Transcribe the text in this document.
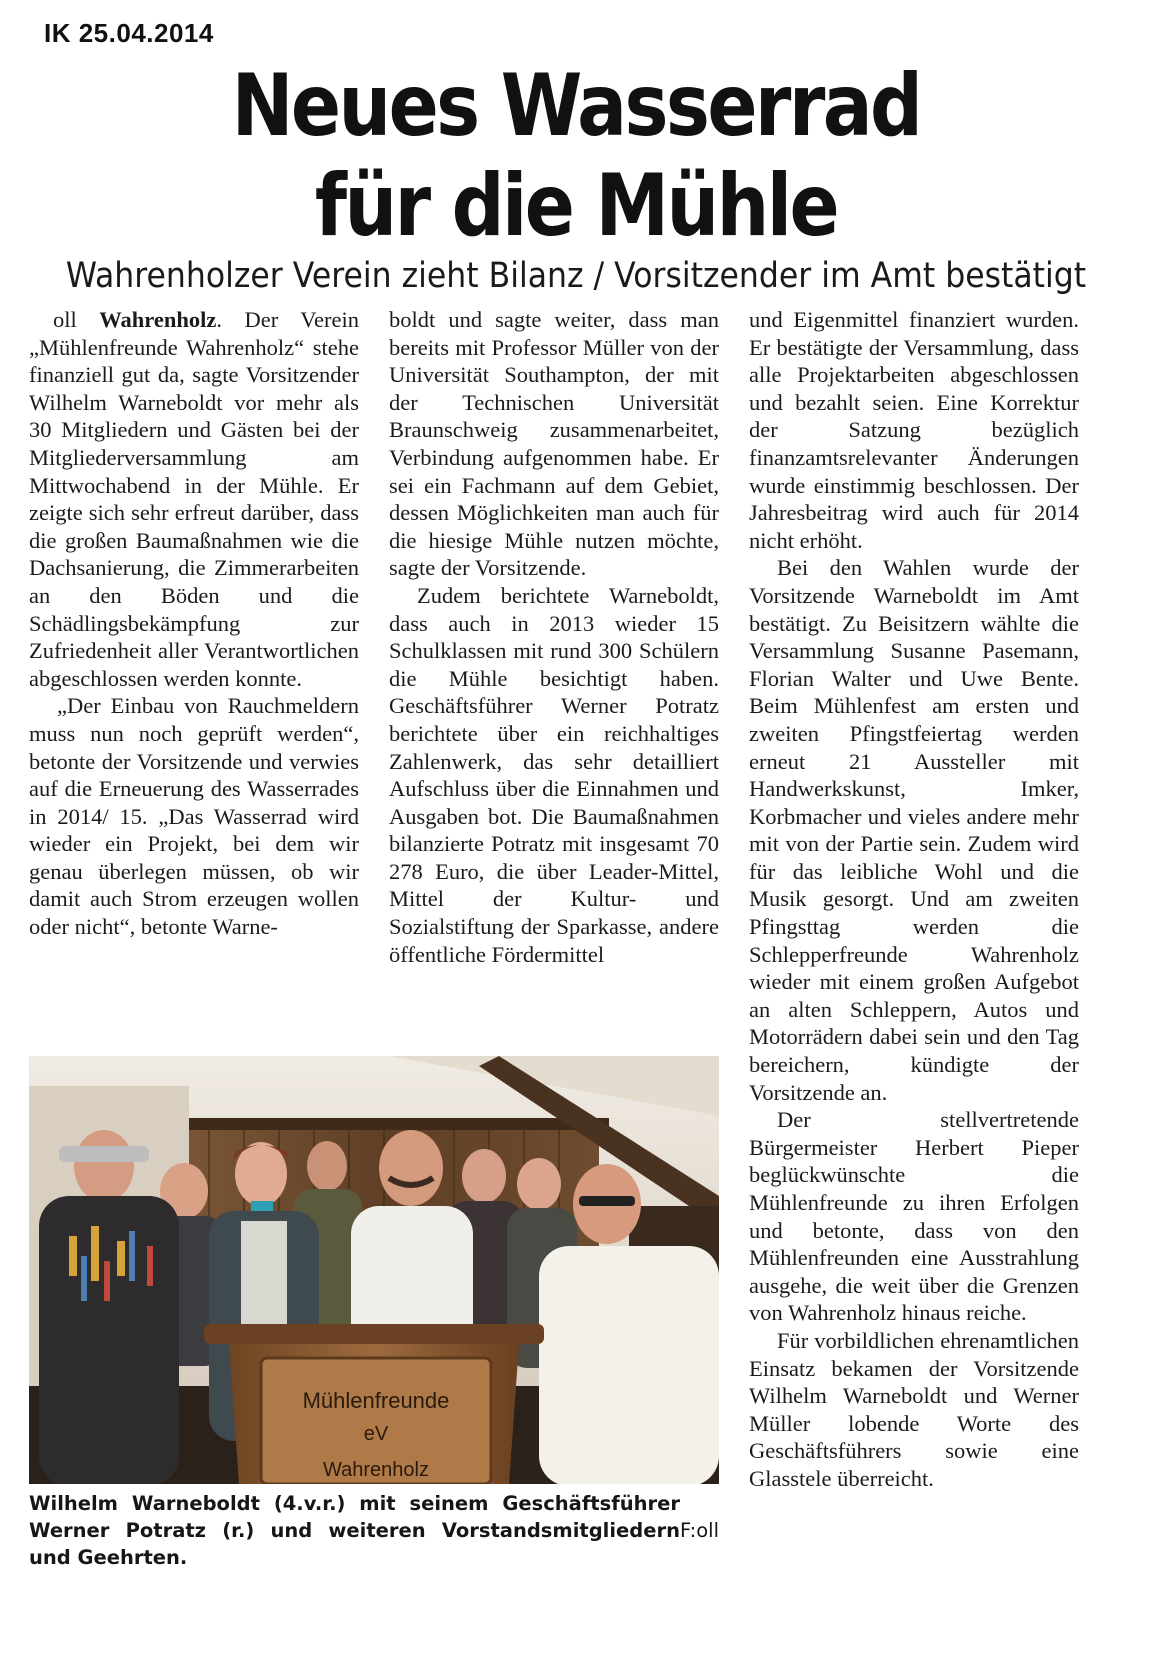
IK 25.04.2014
Neues Wasserrad
für die Mühle
Wahrenholzer Verein zieht Bilanz / Vorsitzender im Amt bestätigt

oll Wahrenholz. Der Verein „Mühlenfreunde Wahrenholz“ stehe finanziell gut da, sagte Vorsitzender Wilhelm Warneboldt vor mehr als 30 Mitgliedern und Gästen bei der Mitgliederversammlung am Mittwochabend in der Mühle. Er zeigte sich sehr erfreut darüber, dass die großen Baumaßnahmen wie die Dachsanierung, die Zimmerarbeiten an den Böden und die Schädlingsbekämpfung zur Zufriedenheit aller Verantwortlichen abgeschlossen werden konnte.

„Der Einbau von Rauchmeldern muss nun noch geprüft werden“, betonte der Vorsitzende und verwies auf die Erneuerung des Wasserrades in 2014/ 15. „Das Wasserrad wird wieder ein Projekt, bei dem wir genau überlegen müssen, ob wir damit auch Strom erzeugen wollen oder nicht“, betonte Warne-

boldt und sagte weiter, dass man bereits mit Professor Müller von der Universität Southampton, der mit der Technischen Universität Braunschweig zusammenarbeitet, Verbindung aufgenommen habe. Er sei ein Fachmann auf dem Gebiet, dessen Möglichkeiten man auch für die hiesige Mühle nutzen möchte, sagte der Vorsitzende.

Zudem berichtete Warneboldt, dass auch in 2013 wieder 15 Schulklassen mit rund 300 Schülern die Mühle besichtigt haben. Geschäftsführer Werner Potratz berichtete über ein reichhaltiges Zahlenwerk, das sehr detailliert Aufschluss über die Einnahmen und Ausgaben bot. Die Baumaßnahmen bilanzierte Potratz mit insgesamt 70 278 Euro, die über Leader-Mittel, Mittel der Kultur- und Sozialstiftung der Sparkasse, andere öffentliche Fördermittel

und Eigenmittel finanziert wurden. Er bestätigte der Versammlung, dass alle Projektarbeiten abgeschlossen und bezahlt seien. Eine Korrektur der Satzung bezüglich finanzamtsrelevanter Änderungen wurde einstimmig beschlossen. Der Jahresbeitrag wird auch für 2014 nicht erhöht.

Bei den Wahlen wurde der Vorsitzende Warneboldt im Amt bestätigt. Zu Beisitzern wählte die Versammlung Susanne Pasemann, Florian Walter und Uwe Bente. Beim Mühlenfest am ersten und zweiten Pfingstfeiertag werden erneut 21 Aussteller mit Handwerkskunst, Imker, Korbmacher und vieles andere mehr mit von der Partie sein. Zudem wird für das leibliche Wohl und die Musik gesorgt. Und am zweiten Pfingsttag werden die Schlepperfreunde Wahrenholz wieder mit einem großen Aufgebot an alten Schleppern, Autos und Motorrädern dabei sein und den Tag bereichern, kündigte der Vorsitzende an.

Der stellvertretende Bürgermeister Herbert Pieper beglückwünschte die Mühlenfreunde zu ihren Erfolgen und betonte, dass von den Mühlenfreunden eine Ausstrahlung ausgehe, die weit über die Grenzen von Wahrenholz hinaus reiche.

Für vorbildlichen ehrenamtlichen Einsatz bekamen der Vorsitzende Wilhelm Warneboldt und Werner Müller lobende Worte des Geschäftsführers sowie eine Glasstele überreicht.

Mühlenfreunde
eV
Wahrenholz
F:oll
Wilhelm Warneboldt (4.v.r.) mit seinem Geschäftsführer Werner Potratz (r.) und weiteren Vorstandsmitgliedern und Geehrten.
